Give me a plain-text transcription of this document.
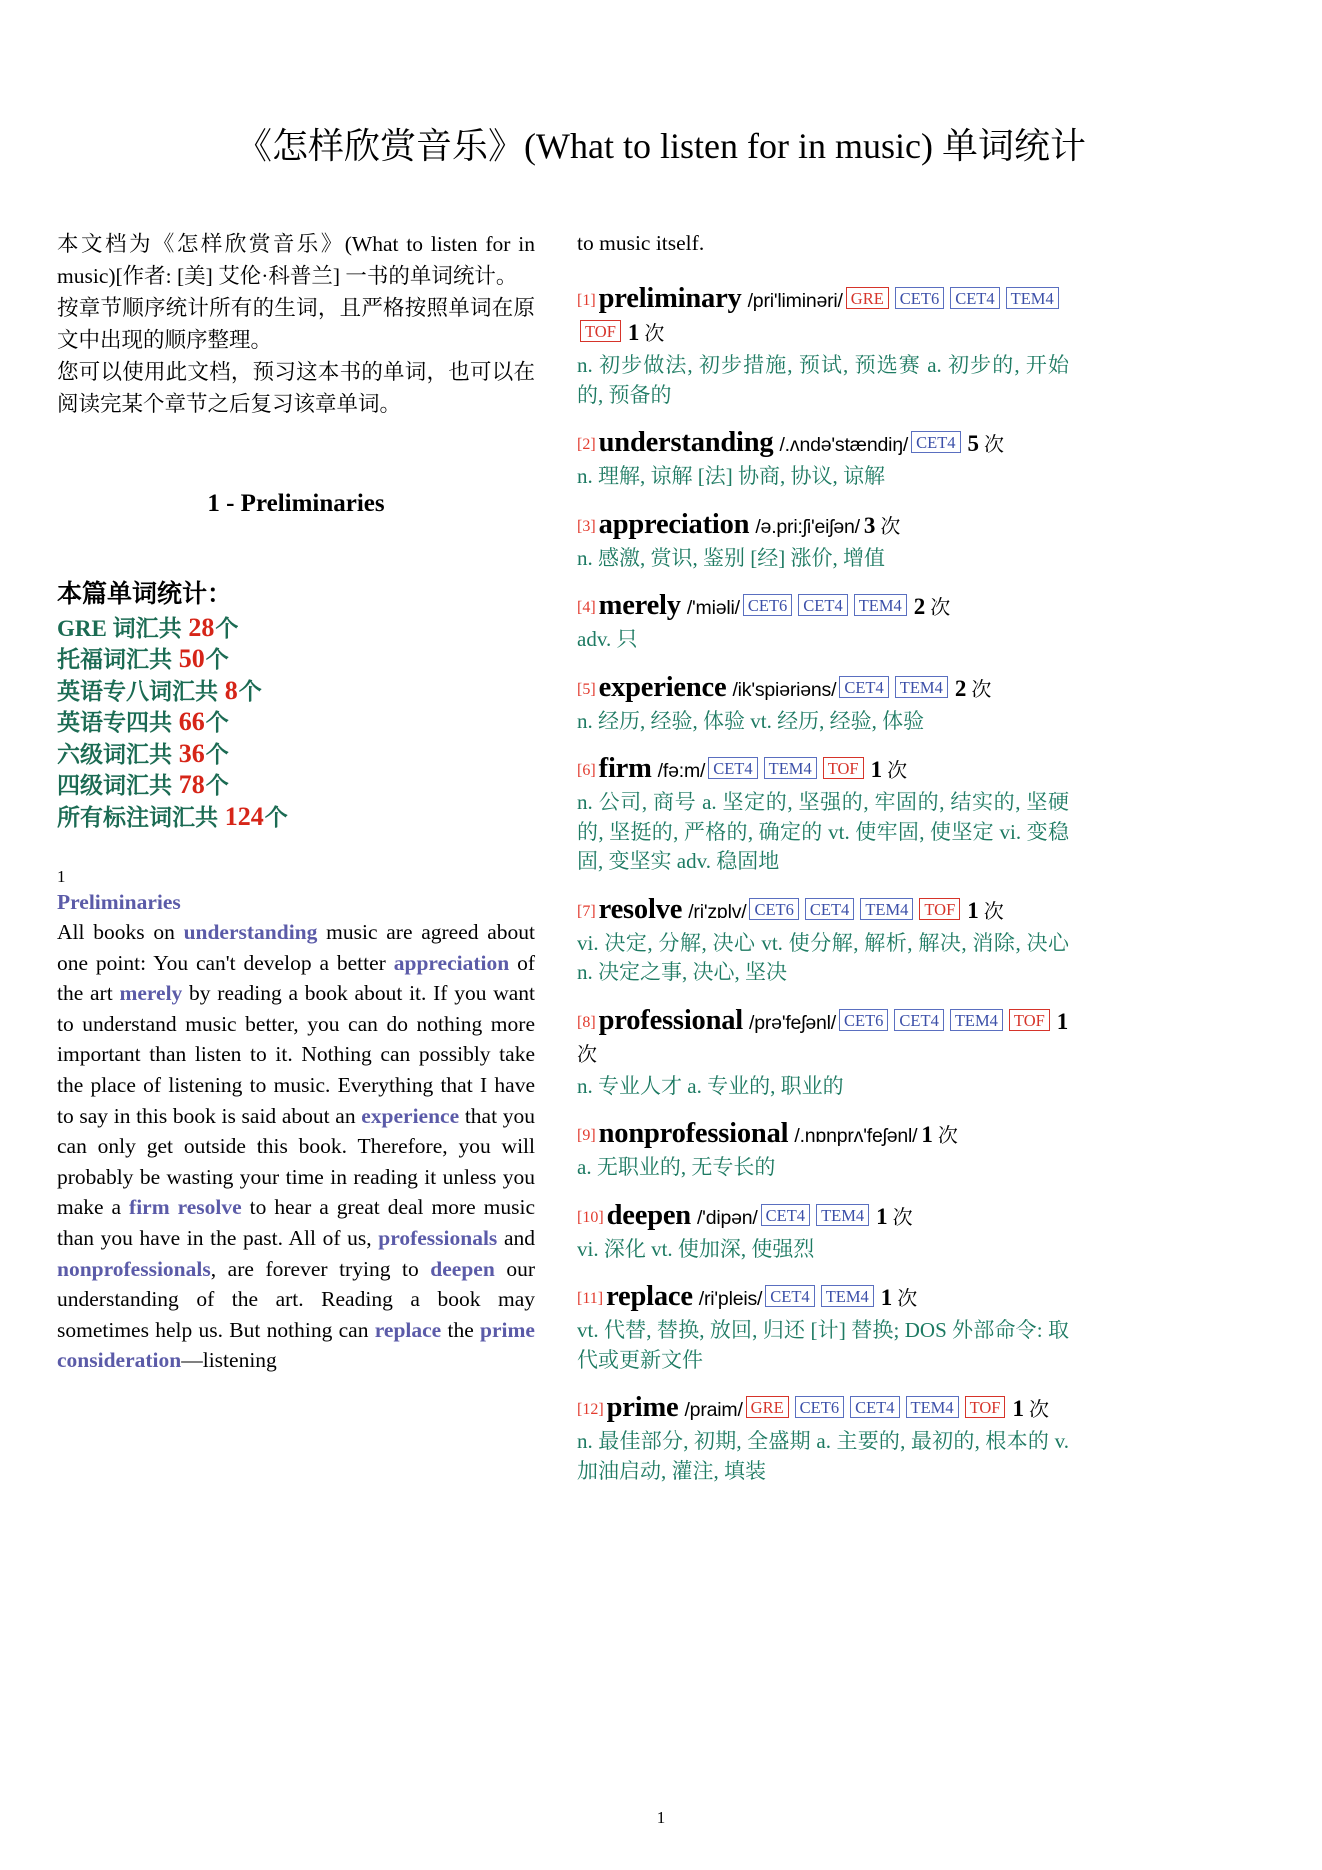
《怎样欣赏音乐》(What to listen for in music) 单词统计

本文档为《怎样欣赏音乐》(What to listen for in music)[作者: [美] 艾伦·科普兰] 一书的单词统计。

按章节顺序统计所有的生词，且严格按照单词在原文中出现的顺序整理。

您可以使用此文档，预习这本书的单词，也可以在阅读完某个章节之后复习该章单词。

1 - Preliminaries
本篇单词统计：
GRE 词汇共 28个
托福词汇共 50个
英语专八词汇共 8个
英语专四共 66个
六级词汇共 36个
四级词汇共 78个
所有标注词汇共 124个
1
Preliminaries

All books on understanding music are agreed about one point: You can't develop a better appreciation of the art merely by reading a book about it. If you want to understand music better, you can do nothing more important than listen to it. Nothing can possibly take the place of listening to music. Everything that I have to say in this book is said about an experience that you can only get outside this book. Therefore, you will probably be wasting your time in reading it unless you make a firm resolve to hear a great deal more music than you have in the past. All of us, professionals and nonprofessionals, are forever trying to deepen our understanding of the art. Reading a book may sometimes help us. But nothing can replace the prime consideration—listening

to music itself.

[1] preliminary /pri'liminəri/ GRE CET6 CET4 TEM4TOF 1 次
n. 初步做法, 初步措施, 预试, 预选赛 a. 初步的, 开始的, 预备的
[2] understanding /.ʌndə'stændiŋ/ CET4 5 次
n. 理解, 谅解 [法] 协商, 协议, 谅解
[3] appreciation /ə.pri:ʃi'eiʃən/ 3 次
n. 感激, 赏识, 鉴别 [经] 涨价, 增值
[4] merely /'miəli/ CET6 CET4 TEM4 2 次
adv. 只
[5] experience /ik'spiəriəns/ CET4 TEM4 2 次
n. 经历, 经验, 体验 vt. 经历, 经验, 体验
[6] firm /fə:m/ CET4 TEM4 TOF 1 次
n. 公司, 商号 a. 坚定的, 坚强的, 牢固的, 结实的, 坚硬的, 坚挺的, 严格的, 确定的 vt. 使牢固, 使坚定 vi. 变稳固, 变坚实 adv. 稳固地
[7] resolve /ri'zɒlv/ CET6 CET4 TEM4 TOF 1 次
vi. 决定, 分解, 决心 vt. 使分解, 解析, 解决, 消除, 决心 n. 决定之事, 决心, 坚决
[8] professional /prə'feʃənl/ CET6 CET4 TEM4 TOF 1 次
n. 专业人才 a. 专业的, 职业的
[9] nonprofessional /.nɒnprʌ'feʃənl/ 1 次
a. 无职业的, 无专长的
[10] deepen /'dipən/ CET4 TEM4 1 次
vi. 深化 vt. 使加深, 使强烈
[11] replace /ri'pleis/ CET4 TEM4 1 次
vt. 代替, 替换, 放回, 归还 [计] 替换; DOS 外部命令: 取代或更新文件
[12] prime /praim/ GRE CET6 CET4 TEM4 TOF 1 次
n. 最佳部分, 初期, 全盛期 a. 主要的, 最初的, 根本的 v. 加油启动, 灌注, 填装
1
